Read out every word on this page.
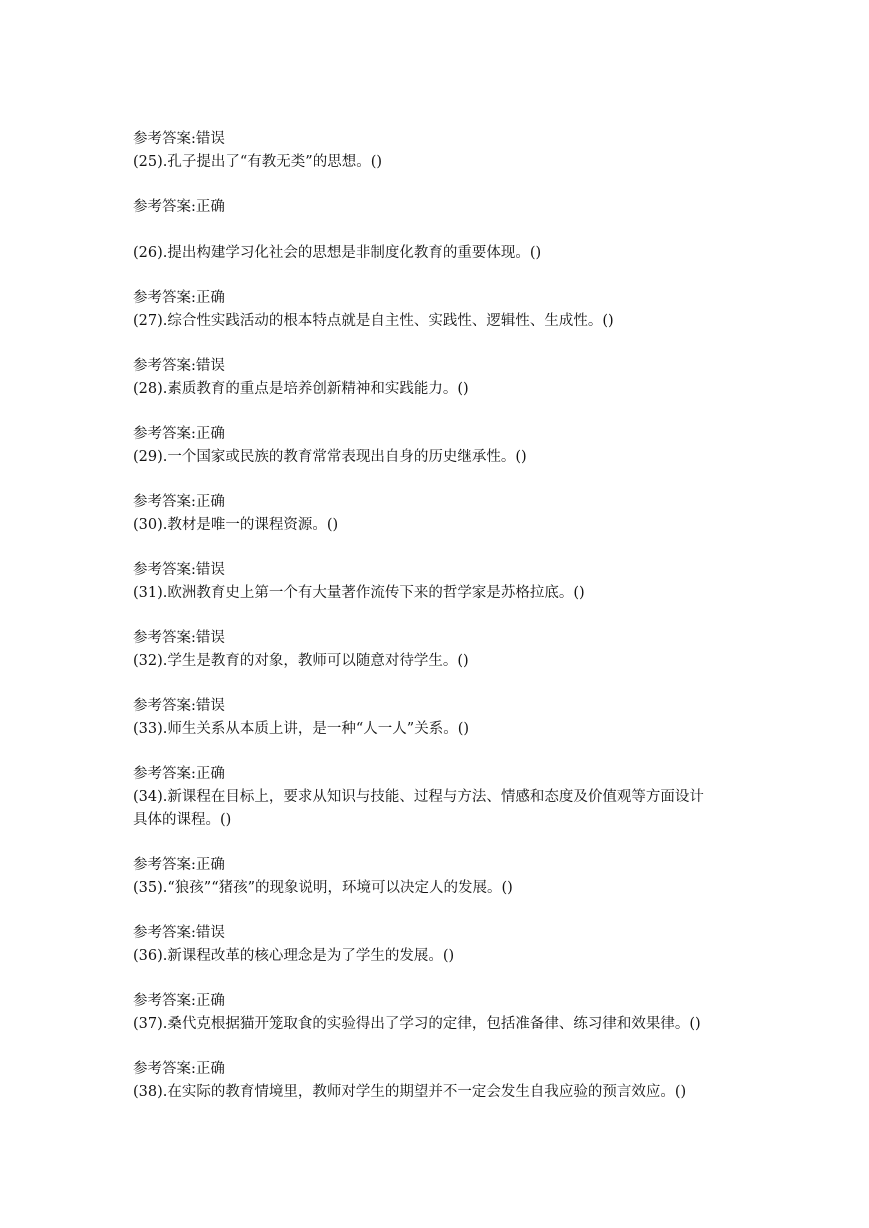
参考答案:错误
(25).孔子提出了“有教无类”的思想。()
参考答案:正确
(26).提出构建学习化社会的思想是非制度化教育的重要体现。()
参考答案:正确
(27).综合性实践活动的根本特点就是自主性、实践性、逻辑性、生成性。()
参考答案:错误
(28).素质教育的重点是培养创新精神和实践能力。()
参考答案:正确
(29).一个国家或民族的教育常常表现出自身的历史继承性。()
参考答案:正确
(30).教材是唯一的课程资源。()
参考答案:错误
(31).欧洲教育史上第一个有大量著作流传下来的哲学家是苏格拉底。()
参考答案:错误
(32).学生是教育的对象，教师可以随意对待学生。()
参考答案:错误
(33).师生关系从本质上讲，是一种“人一人”关系。()
参考答案:正确
(34).新课程在目标上，要求从知识与技能、过程与方法、情感和态度及价值观等方面设计
具体的课程。()
参考答案:正确
(35).“狼孩”“猪孩”的现象说明，环境可以决定人的发展。()
参考答案:错误
(36).新课程改革的核心理念是为了学生的发展。()
参考答案:正确
(37).桑代克根据猫开笼取食的实验得出了学习的定律，包括准备律、练习律和效果律。()
参考答案:正确
(38).在实际的教育情境里，教师对学生的期望并不一定会发生自我应验的预言效应。()
